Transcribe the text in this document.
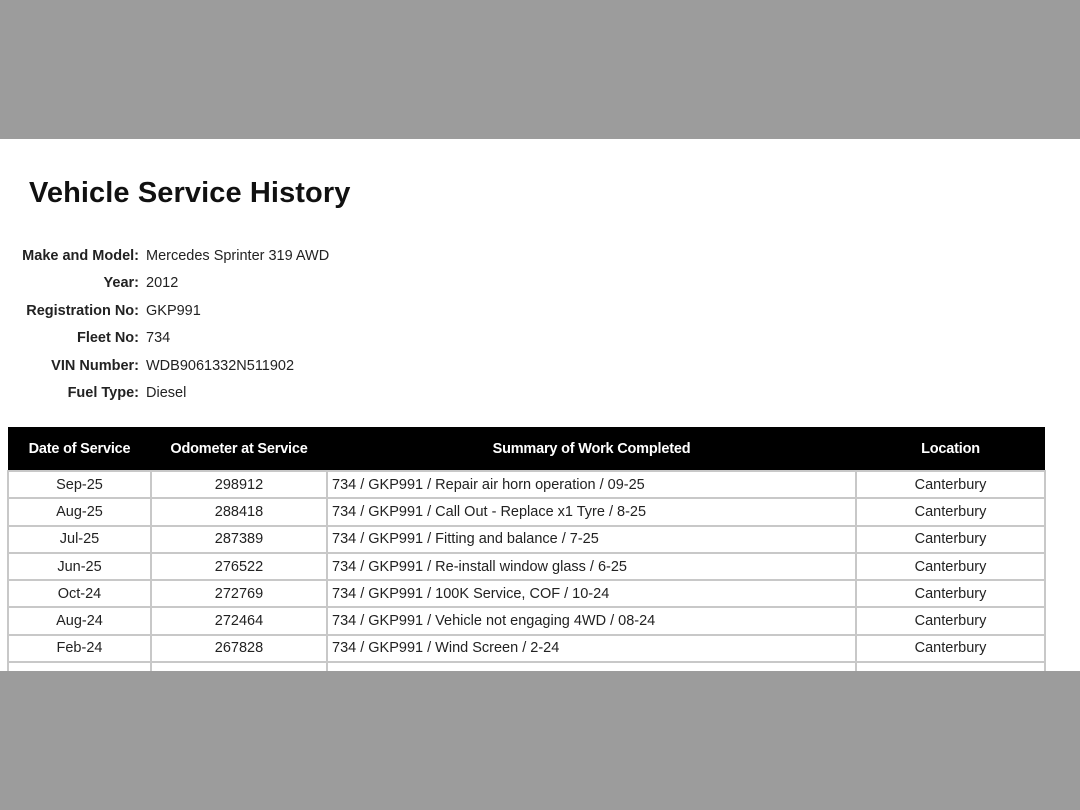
Vehicle Service History
Make and Model: Mercedes Sprinter 319 AWD
Year: 2012
Registration No: GKP991
Fleet No: 734
VIN Number: WDB9061332N511902
Fuel Type: Diesel
Date of Service	Odometer at Service	Summary of Work Completed	Location
Sep-25	298912	734 / GKP991 / Repair air horn operation / 09-25	Canterbury
Aug-25	288418	734 / GKP991 / Call Out - Replace x1 Tyre / 8-25	Canterbury
Jul-25	287389	734 / GKP991 / Fitting and balance / 7-25	Canterbury
Jun-25	276522	734 / GKP991 / Re-install window glass / 6-25	Canterbury
Oct-24	272769	734 / GKP991 / 100K Service, COF / 10-24	Canterbury
Aug-24	272464	734 / GKP991 / Vehicle not engaging 4WD / 08-24	Canterbury
Feb-24	267828	734 / GKP991 / Wind Screen / 2-24	Canterbury
